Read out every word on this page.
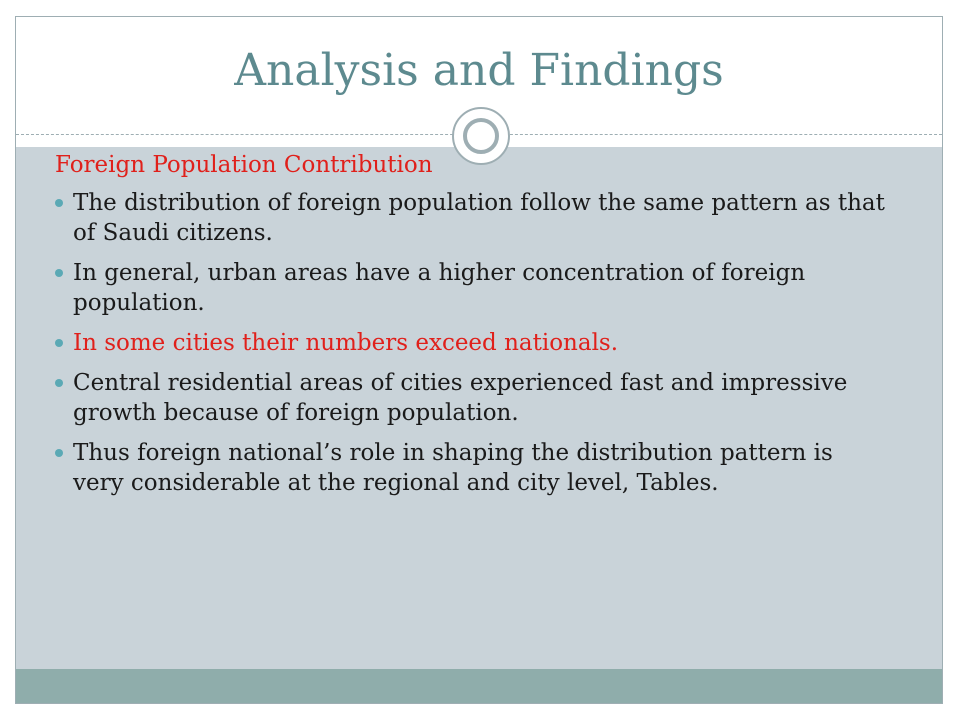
Analysis and Findings

Foreign Population Contribution

The distribution of foreign population follow the same pattern as that of Saudi citizens.
In general, urban areas have a higher concentration of foreign population.
In some cities their numbers exceed nationals.
Central residential areas of cities experienced fast and impressive growth because of foreign population.
Thus foreign national’s role in shaping the distribution pattern is very considerable at the regional and city level, Tables.
